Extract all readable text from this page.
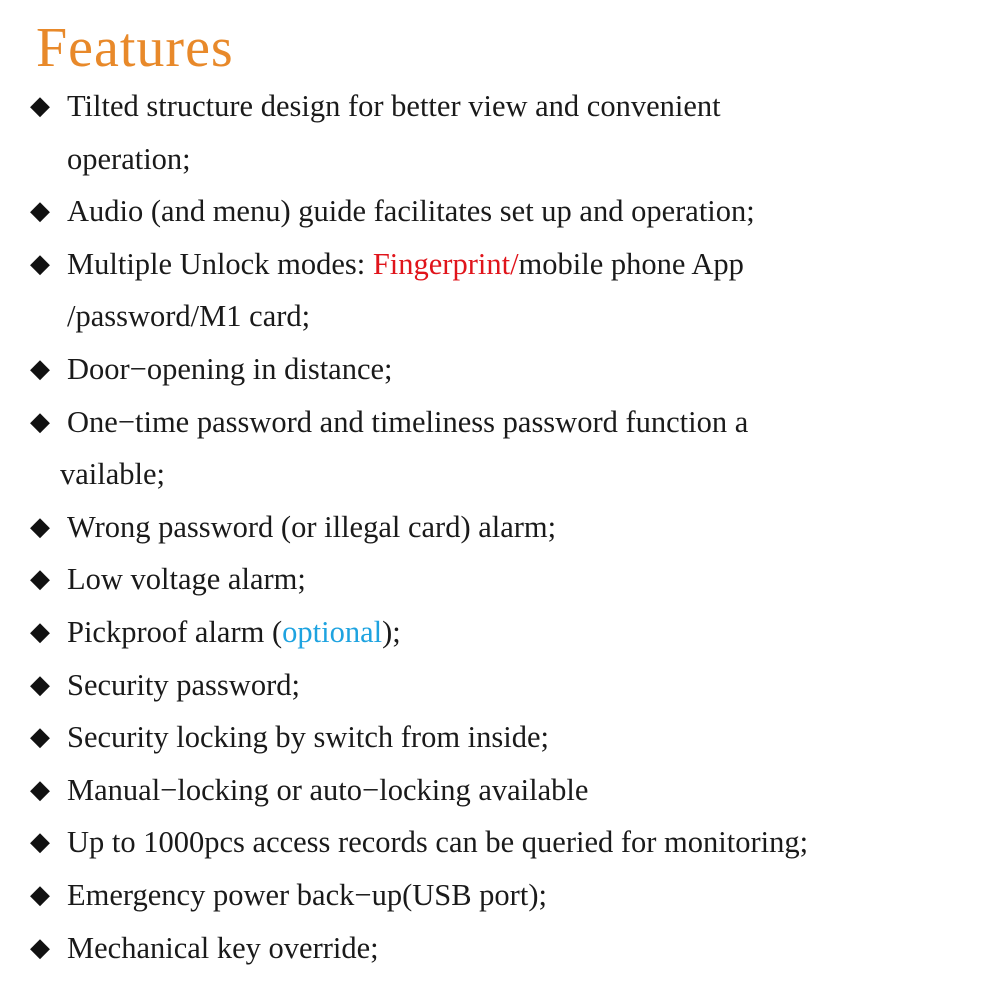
Features
◆ Tilted structure design for better view and convenient
operation;
◆ Audio (and menu) guide facilitates set up and operation;
◆ Multiple Unlock modes: Fingerprint/mobile phone App
/password/M1 card;
◆ Door−opening in distance;
◆ One−time password and timeliness password function a
vailable;
◆ Wrong password (or illegal card) alarm;
◆ Low voltage alarm;
◆ Pickproof alarm (optional);
◆ Security password;
◆ Security locking by switch from inside;
◆ Manual−locking or auto−locking available
◆ Up to 1000pcs access records can be queried for monitoring;
◆ Emergency power back−up(USB port);
◆ Mechanical key override;
